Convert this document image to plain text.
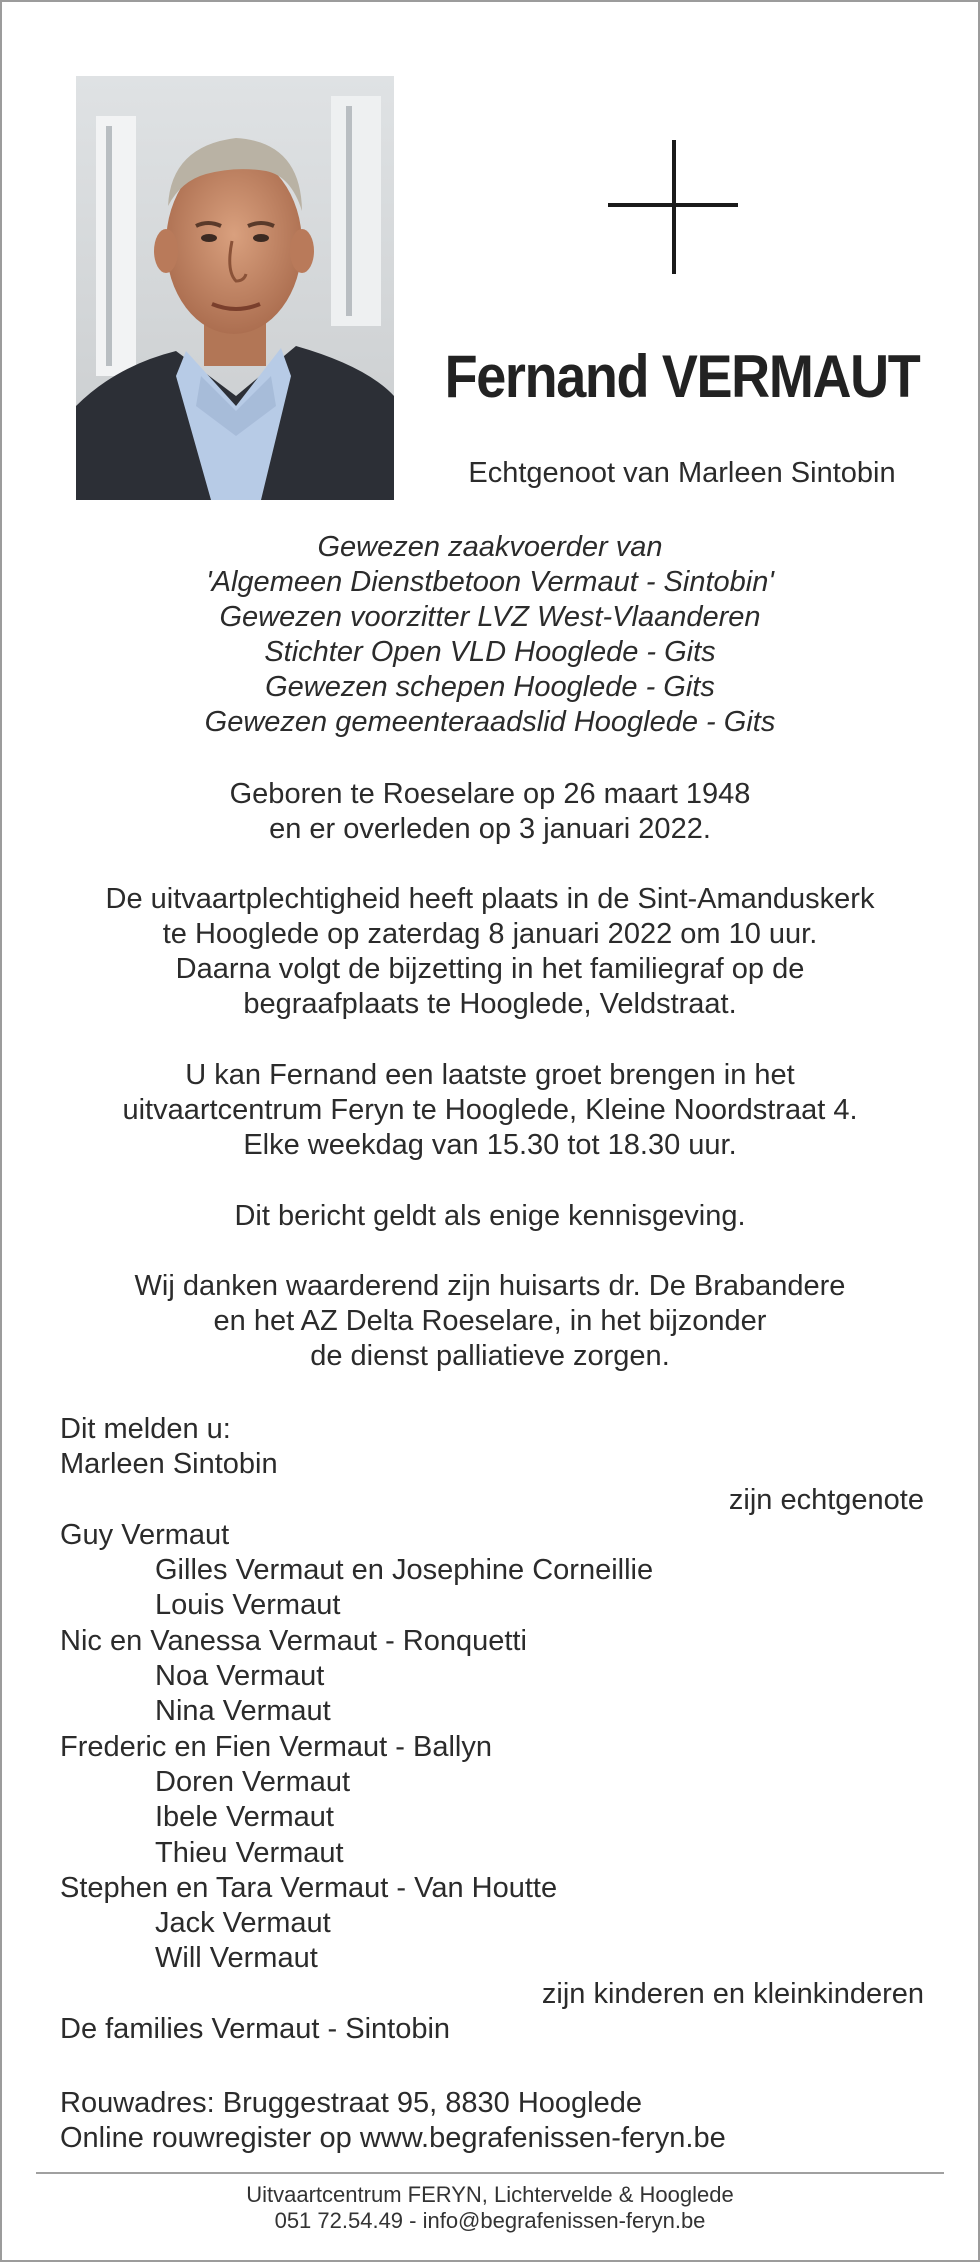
Fernand VERMAUT
Echtgenoot van Marleen Sintobin
Gewezen zaakvoerder van
'Algemeen Dienstbetoon Vermaut - Sintobin'
Gewezen voorzitter LVZ West-Vlaanderen
Stichter Open VLD Hooglede - Gits
Gewezen schepen Hooglede - Gits
Gewezen gemeenteraadslid Hooglede - Gits
Geboren te Roeselare op 26 maart 1948
en er overleden op 3 januari 2022.
De uitvaartplechtigheid heeft plaats in de Sint-Amanduskerk
te Hooglede op zaterdag 8 januari 2022 om 10 uur.
Daarna volgt de bijzetting in het familiegraf op de
begraafplaats te Hooglede, Veldstraat.
U kan Fernand een laatste groet brengen in het
uitvaartcentrum Feryn te Hooglede, Kleine Noordstraat 4.
Elke weekdag van 15.30 tot 18.30 uur.
Dit bericht geldt als enige kennisgeving.
Wij danken waarderend zijn huisarts dr. De Brabandere
en het AZ Delta Roeselare, in het bijzonder
de dienst palliatieve zorgen.
Dit melden u:
Marleen Sintobin
zijn echtgenote
Guy Vermaut
Gilles Vermaut en Josephine Corneillie
Louis Vermaut
Nic en Vanessa Vermaut - Ronquetti
Noa Vermaut
Nina Vermaut
Frederic en Fien Vermaut - Ballyn
Doren Vermaut
Ibele Vermaut
Thieu Vermaut
Stephen en Tara Vermaut - Van Houtte
Jack Vermaut
Will Vermaut
zijn kinderen en kleinkinderen
De families Vermaut - Sintobin
Rouwadres: Bruggestraat 95, 8830 Hooglede
Online rouwregister op www.begrafenissen-feryn.be
Uitvaartcentrum FERYN, Lichtervelde & Hooglede
051 72.54.49 - info@begrafenissen-feryn.be
